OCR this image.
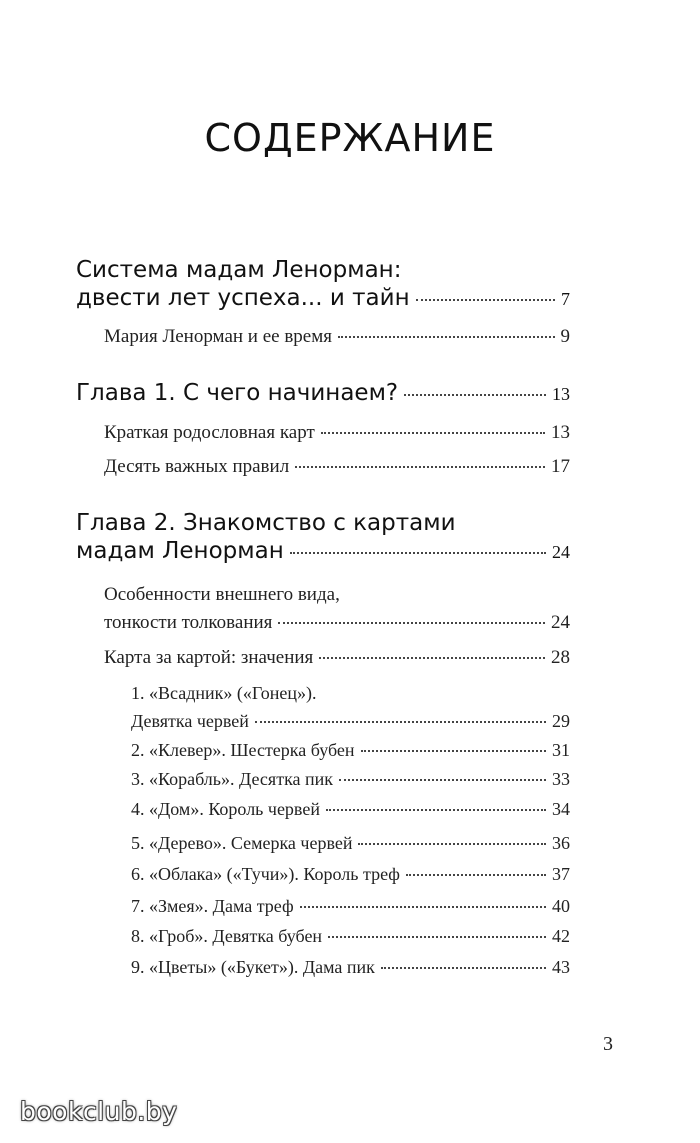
СОДЕРЖАНИЕ
Система мадам Ленорман:
двести лет успеха... и тайн	7
Мария Ленорман и ее время	9
Глава 1. С чего начинаем?	13
Краткая родословная карт	13
Десять важных правил	17
Глава 2. Знакомство с картами
мадам Ленорман	24
Особенности внешнего вида,
тонкости толкования	24
Карта за картой: значения	28
1. «Всадник» («Гонец»).
Девятка червей	29
2. «Клевер». Шестерка бубен	31
3. «Корабль». Десятка пик	33
4. «Дом». Король червей	34
5. «Дерево». Семерка червей	36
6. «Облака» («Тучи»). Король треф	37
7. «Змея». Дама треф	40
8. «Гроб». Девятка бубен	42
9. «Цветы» («Букет»). Дама пик	43
3
bookclub.by
